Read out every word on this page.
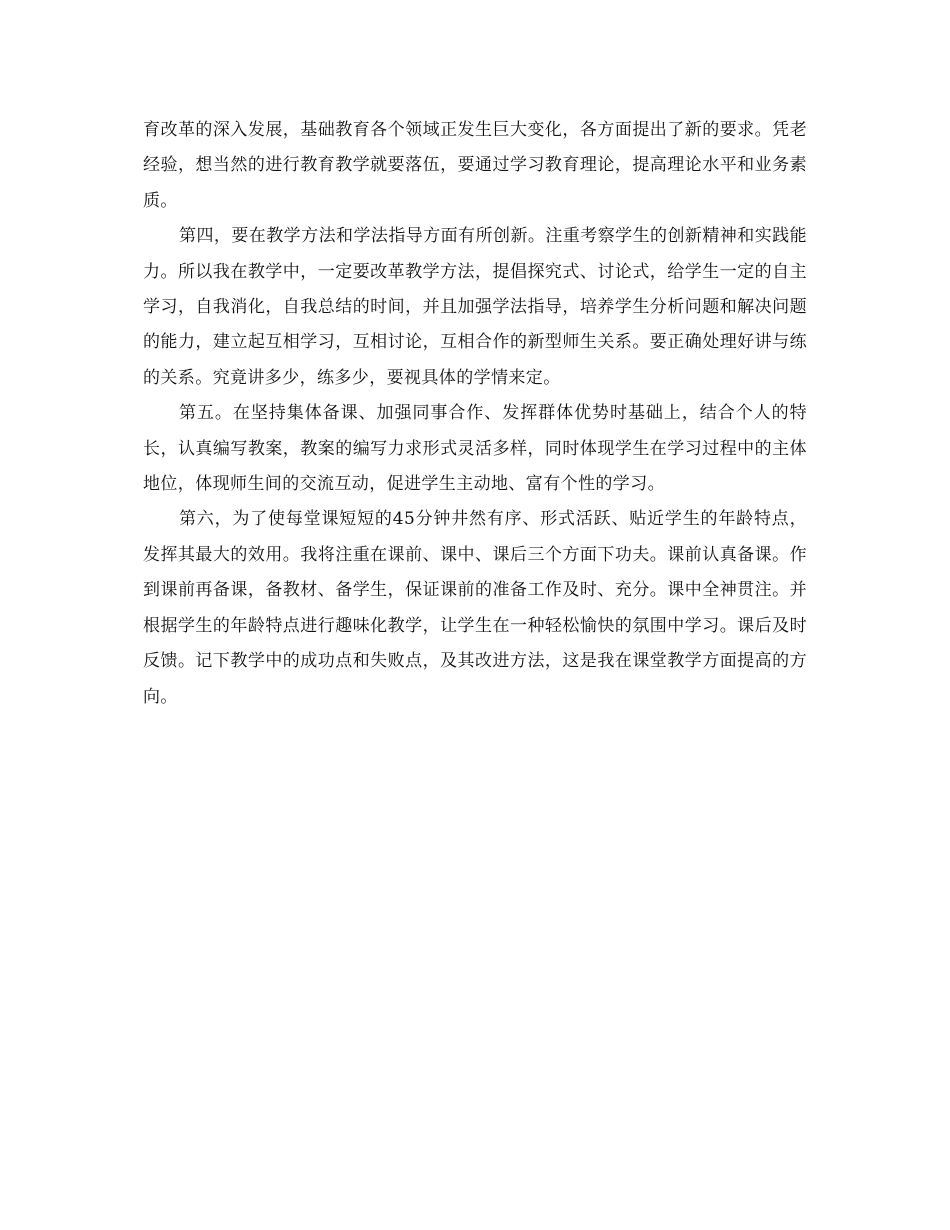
育改革的深入发展，基础教育各个领域正发生巨大变化，各方面提出了新的要求。凭老经验，想当然的进行教育教学就要落伍，要通过学习教育理论，提高理论水平和业务素质。

第四，要在教学方法和学法指导方面有所创新。注重考察学生的创新精神和实践能力。所以我在教学中，一定要改革教学方法，提倡探究式、讨论式，给学生一定的自主学习，自我消化，自我总结的时间，并且加强学法指导，培养学生分析问题和解决问题的能力，建立起互相学习，互相讨论，互相合作的新型师生关系。要正确处理好讲与练的关系。究竟讲多少，练多少，要视具体的学情来定。

第五。在坚持集体备课、加强同事合作、发挥群体优势时基础上，结合个人的特长，认真编写教案，教案的编写力求形式灵活多样，同时体现学生在学习过程中的主体地位，体现师生间的交流互动，促进学生主动地、富有个性的学习。

第六，为了使每堂课短短的45分钟井然有序、形式活跃、贴近学生的年龄特点，发挥其最大的效用。我将注重在课前、课中、课后三个方面下功夫。课前认真备课。作到课前再备课，备教材、备学生，保证课前的准备工作及时、充分。课中全神贯注。并根据学生的年龄特点进行趣味化教学，让学生在一种轻松愉快的氛围中学习。课后及时反馈。记下教学中的成功点和失败点，及其改进方法，这是我在课堂教学方面提高的方向。
